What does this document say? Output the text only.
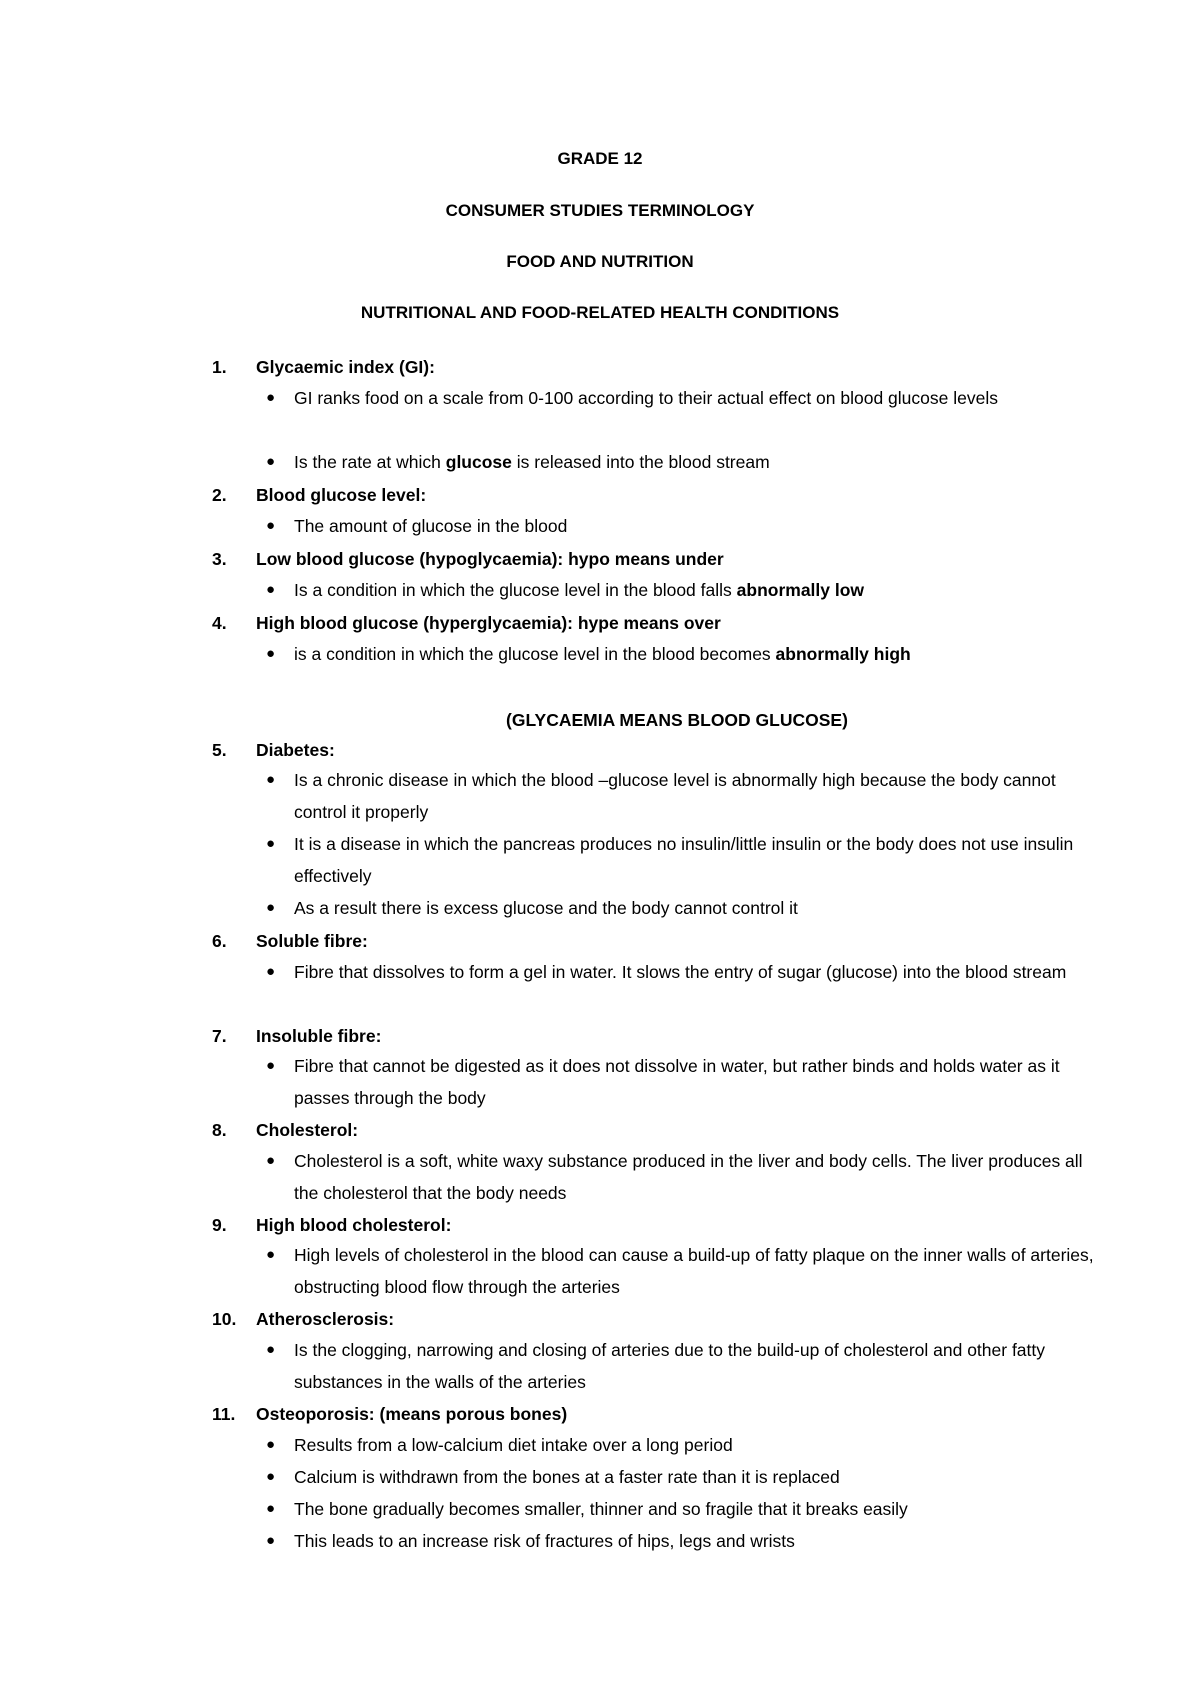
GRADE 12
CONSUMER STUDIES TERMINOLOGY
FOOD AND NUTRITION
NUTRITIONAL AND FOOD-RELATED HEALTH CONDITIONS
1. Glycaemic index (GI):
● GI ranks food on a scale from 0-100 according to their actual effect on blood glucose levels
● Is the rate at which glucose is released into the blood stream
2. Blood glucose level:
● The amount of glucose in the blood
3. Low blood glucose (hypoglycaemia): hypo means under
● Is a condition in which the glucose level in the blood falls abnormally low
4. High blood glucose (hyperglycaemia): hype means over
● is a condition in which the glucose level in the blood becomes abnormally high
(GLYCAEMIA MEANS BLOOD GLUCOSE)
5. Diabetes:
● Is a chronic disease in which the blood –glucose level is abnormally high because the body cannot control it properly
● It is a disease in which the pancreas produces no insulin/little insulin or the body does not use insulin effectively
● As a result there is excess glucose and the body cannot control it
6. Soluble fibre:
● Fibre that dissolves to form a gel in water. It slows the entry of sugar (glucose) into the blood stream
7. Insoluble fibre:
● Fibre that cannot be digested as it does not dissolve in water, but rather binds and holds water as it passes through the body
8. Cholesterol:
● Cholesterol is a soft, white waxy substance produced in the liver and body cells. The liver produces all the cholesterol that the body needs
9. High blood cholesterol:
● High levels of cholesterol in the blood can cause a build-up of fatty plaque on the inner walls of arteries, obstructing blood flow through the arteries
10. Atherosclerosis:
● Is the clogging, narrowing and closing of arteries due to the build-up of cholesterol and other fatty substances in the walls of the arteries
11. Osteoporosis: (means porous bones)
● Results from a low-calcium diet intake over a long period
● Calcium is withdrawn from the bones at a faster rate than it is replaced
● The bone gradually becomes smaller, thinner and so fragile that it breaks easily
● This leads to an increase risk of fractures of hips, legs and wrists
